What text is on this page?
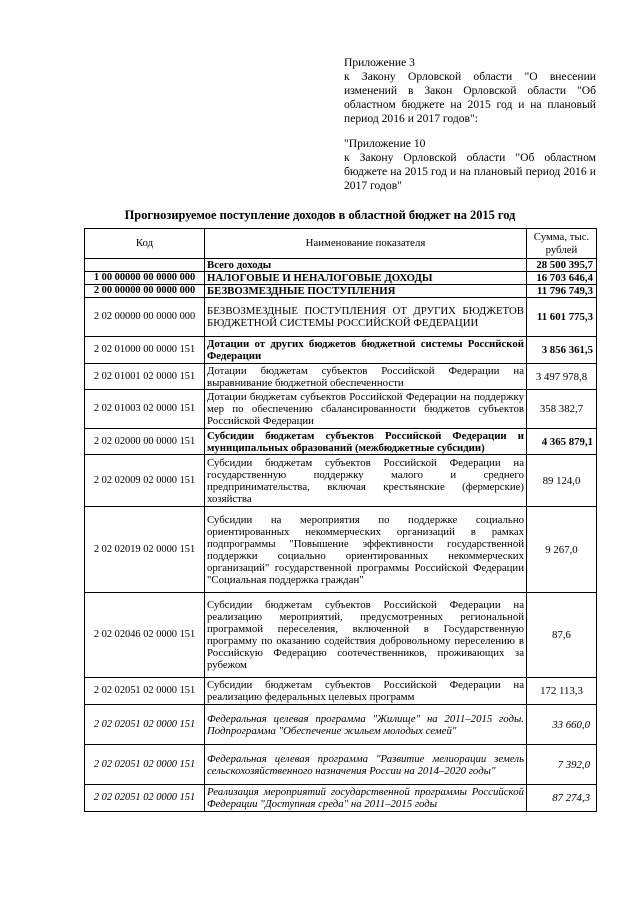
Приложение 3
к Закону Орловской области "О внесении изменений в Закон Орловской области "Об областном бюджете на 2015 год и на плановый период 2016 и 2017 годов":
"Приложение 10
к Закону Орловской области "Об областном бюджете на 2015 год и на плановый период 2016 и 2017 годов"
Прогнозируемое поступление доходов в областной бюджет на 2015 год
Код	Наименование показателя	Сумма, тыс. рублей
	Всего доходы	28 500 395,7
1 00 00000 00 0000 000	НАЛОГОВЫЕ И НЕНАЛОГОВЫЕ ДОХОДЫ	16 703 646,4
2 00 00000 00 0000 000	БЕЗВОЗМЕЗДНЫЕ ПОСТУПЛЕНИЯ	11 796 749,3
2 02 00000 00 0000 000	БЕЗВОЗМЕЗДНЫЕ ПОСТУПЛЕНИЯ ОТ ДРУГИХ БЮДЖЕТОВ БЮДЖЕТНОЙ СИСТЕМЫ РОССИЙСКОЙ ФЕДЕРАЦИИ	11 601 775,3
2 02 01000 00 0000 151	Дотации от других бюджетов бюджетной системы Российской Федерации	3 856 361,5
2 02 01001 02 0000 151	Дотации бюджетам субъектов Российской Федерации на выравнивание бюджетной обеспеченности	3 497 978,8
2 02 01003 02 0000 151	Дотации бюджетам субъектов Российской Федерации на поддержку мер по обеспечению сбалансированности бюджетов субъектов Российской Федерации	358 382,7
2 02 02000 00 0000 151	Субсидии бюджетам субъектов Российской Федерации и муниципальных образований (межбюджетные субсидии)	4 365 879,1
2 02 02009 02 0000 151	Субсидии бюджетам субъектов Российской Федерации на государственную поддержку малого и среднего предпринимательства, включая крестьянские (фермерские) хозяйства	89 124,0
2 02 02019 02 0000 151	Субсидии на мероприятия по поддержке социально ориентированных некоммерческих организаций в рамках подпрограммы "Повышение эффективности государственной поддержки социально ориентированных некоммерческих организаций" государственной программы Российской Федерации "Социальная поддержка граждан"	9 267,0
2 02 02046 02 0000 151	Субсидии бюджетам субъектов Российской Федерации на реализацию мероприятий, предусмотренных региональной программой переселения, включенной в Государственную программу по оказанию содействия добровольному переселению в Российскую Федерацию соотечественников, проживающих за рубежом	87,6
2 02 02051 02 0000 151	Субсидии бюджетам субъектов Российской Федерации на реализацию федеральных целевых программ	172 113,3
2 02 02051 02 0000 151	Федеральная целевая программа "Жилище" на 2011–2015 годы. Подпрограмма "Обеспечение жильем молодых семей"	33 660,0
2 02 02051 02 0000 151	Федеральная целевая программа "Развитие мелиорации земель сельскохозяйственного назначения России на 2014–2020 годы"	7 392,0
2 02 02051 02 0000 151	Реализация мероприятий государственной программы Российской Федерации "Доступная среда" на 2011–2015 годы	87 274,3
